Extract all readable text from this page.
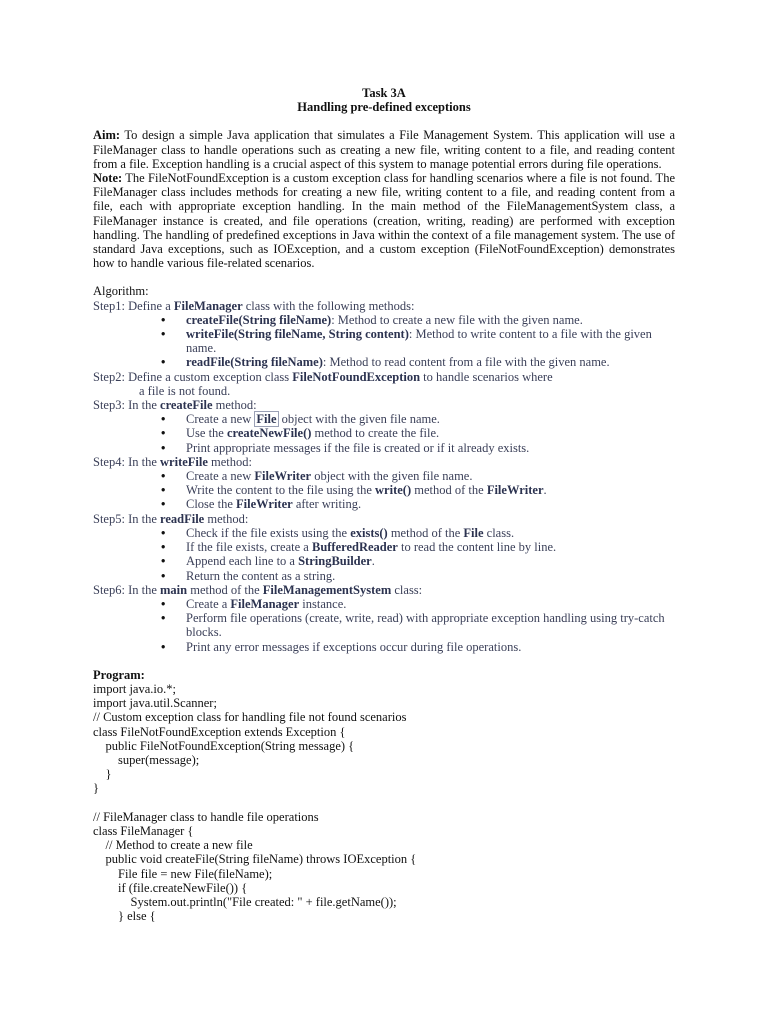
Task 3A
Handling pre-defined exceptions

Aim: To design a simple Java application that simulates a File Management System. This application will use a FileManager class to handle operations such as creating a new file, writing content to a file, and reading content from a file. Exception handling is a crucial aspect of this system to manage potential errors during file operations.

Note: The FileNotFoundException is a custom exception class for handling scenarios where a file is not found. The FileManager class includes methods for creating a new file, writing content to a file, and reading content from a file, each with appropriate exception handling. In the main method of the FileManagementSystem class, a FileManager instance is created, and file operations (creation, writing, reading) are performed with exception handling. The handling of predefined exceptions in Java within the context of a file management system. The use of standard Java exceptions, such as IOException, and a custom exception (FileNotFoundException) demonstrates how to handle various file-related scenarios.

Algorithm:

Step1: Define a FileManager class with the following methods:

• createFile(String fileName): Method to create a new file with the given name.
• writeFile(String fileName, String content): Method to write content to a file with the given name.
• readFile(String fileName): Method to read content from a file with the given name.

Step2: Define a custom exception class FileNotFoundException to handle scenarios where

a file is not found.

Step3: In the createFile method:

• Create a new File object with the given file name.
• Use the createNewFile() method to create the file.
• Print appropriate messages if the file is created or if it already exists.

Step4: In the writeFile method:

• Create a new FileWriter object with the given file name.
• Write the content to the file using the write() method of the FileWriter.
• Close the FileWriter after writing.

Step5: In the readFile method:

• Check if the file exists using the exists() method of the File class.
• If the file exists, create a BufferedReader to read the content line by line.
• Append each line to a StringBuilder.
• Return the content as a string.

Step6: In the main method of the FileManagementSystem class:

• Create a FileManager instance.
• Perform file operations (create, write, read) with appropriate exception handling using try-catch blocks.
• Print any error messages if exceptions occur during file operations.
Program:

import java.io.*;

import java.util.Scanner;

// Custom exception class for handling file not found scenarios

class FileNotFoundException extends Exception {

public FileNotFoundException(String message) {

super(message);

}

}

// FileManager class to handle file operations

class FileManager {

// Method to create a new file

public void createFile(String fileName) throws IOException {

File file = new File(fileName);

if (file.createNewFile()) {

System.out.println("File created: " + file.getName());

} else {
